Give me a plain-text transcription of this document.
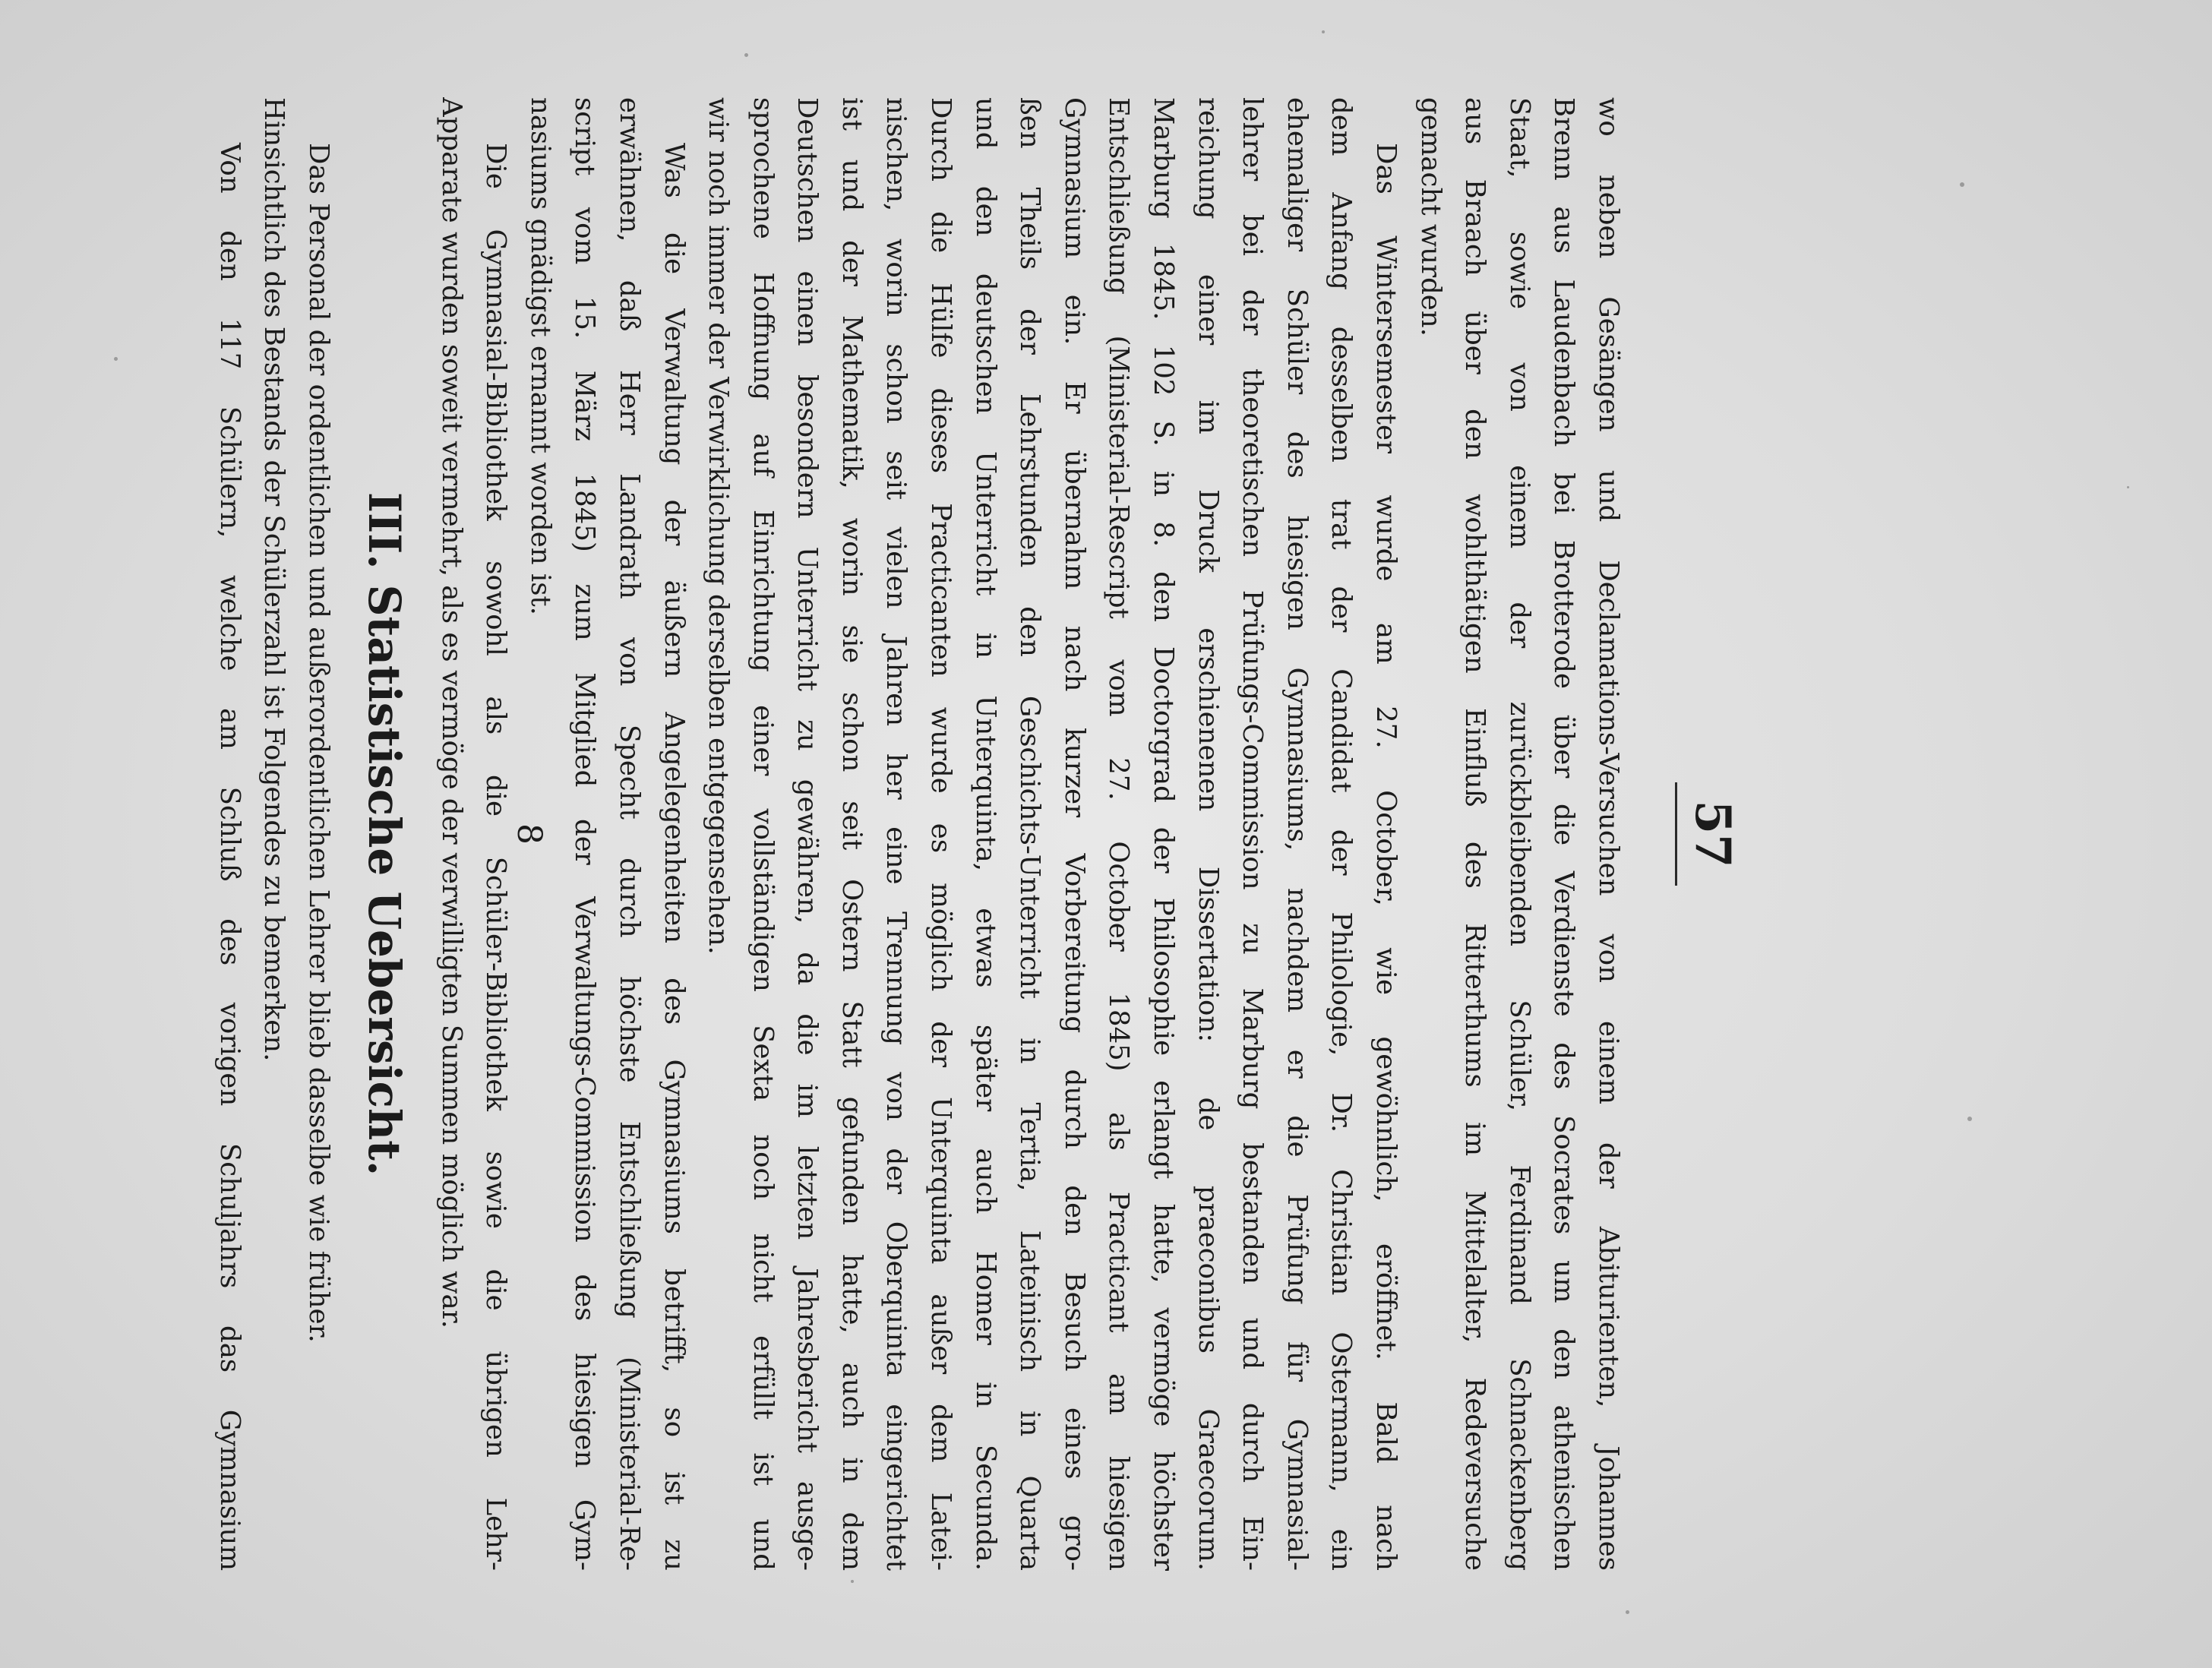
57
wo neben Gesängen und Declamations-Versuchen von einem der Abiturienten, Johannes
Brenn aus Laudenbach bei Brotterode über die Verdienste des Socrates um den athenischen
Staat, sowie von einem der zurückbleibenden Schüler, Ferdinand Schnackenberg
aus Braach über den wohlthätigen Einfluß des Ritterthums im Mittelalter, Redeversuche
gemacht wurden.
Das Wintersemester wurde am 27. October, wie gewöhnlich, eröffnet. Bald nach
dem Anfang desselben trat der Candidat der Philologie, Dr. Christian Ostermann, ein
ehemaliger Schüler des hiesigen Gymnasiums, nachdem er die Prüfung für Gymnasial-
lehrer bei der theoretischen Prüfungs-Commission zu Marburg bestanden und durch Ein-
reichung einer im Druck erschienenen Dissertation: de praeconibus Graecorum.
Marburg 1845. 102 S. in 8. den Doctorgrad der Philosophie erlangt hatte, vermöge höchster
Entschließung (Ministerial-Rescript vom 27. October 1845) als Practicant am hiesigen
Gymnasium ein. Er übernahm nach kurzer Vorbereitung durch den Besuch eines gro-
ßen Theils der Lehrstunden den Geschichts-Unterricht in Tertia, Lateinisch in Quarta
und den deutschen Unterricht in Unterquinta, etwas später auch Homer in Secunda.
Durch die Hülfe dieses Practicanten wurde es möglich der Unterquinta außer dem Latei-
nischen, worin schon seit vielen Jahren her eine Trennung von der Oberquinta eingerichtet
ist und der Mathematik, worin sie schon seit Ostern Statt gefunden hatte, auch in dem
Deutschen einen besondern Unterricht zu gewähren, da die im letzten Jahresbericht ausge-
sprochene Hoffnung auf Einrichtung einer vollständigen Sexta noch nicht erfüllt ist und
wir noch immer der Verwirklichung derselben entgegensehen.
Was die Verwaltung der äußern Angelegenheiten des Gymnasiums betrifft, so ist zu
erwähnen, daß Herr Landrath von Specht durch höchste Entschließung (Ministerial-Re-
script vom 15. März 1845) zum Mitglied der Verwaltungs-Commission des hiesigen Gym-
nasiums gnädigst ernannt worden ist.
Die Gymnasial-Bibliothek sowohl als die Schüler-Bibliothek sowie die übrigen Lehr-
Apparate wurden soweit vermehrt, als es vermöge der verwilligten Summen möglich war.
III. Statistische Uebersicht.
Das Personal der ordentlichen und außerordentlichen Lehrer blieb dasselbe wie früher.
Hinsichtlich des Bestands der Schülerzahl ist Folgendes zu bemerken.
Von den 117 Schülern, welche am Schluß des vorigen Schuljahrs das Gymnasium	8
